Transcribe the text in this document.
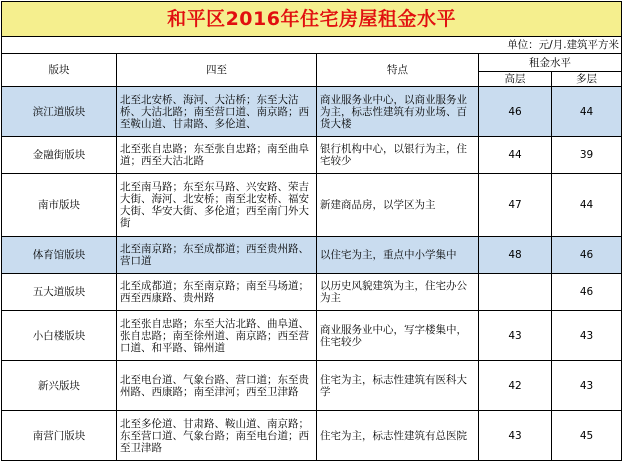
和平区2016年住宅房屋租金水平				
单位：元/月.建筑平方米				
版块	四至	特点	租金水平	
			高层	多层
滨江道版块	北至北安桥、海河、大沽桥；东至大沽桥、大沽北路；南至营口道、南京路；西至鞍山道、甘肃路、多伦道、	商业服务业中心，以商业服务业为主，标志性建筑有劝业场、百货大楼	46	44
金融街版块	北至张自忠路；东至张自忠路；南至曲阜道；西至大沽北路	银行机构中心，以银行为主，住宅较少	44	39
南市版块	北至南马路；东至东马路、兴安路、荣吉大街、海河、北安桥；南至北安桥、福安大街、华安大街、多伦道；西至南门外大街	新建商品房，以学区为主	47	44
体育馆版块	北至南京路；东至成都道；西至贵州路、营口道	以住宅为主，重点中小学集中	48	46
五大道版块	北至成都道；东至南京路；南至马场道；西至西康路、贵州路	以历史风貌建筑为主，住宅办公为主		46
小白楼版块	北至张自忠路；东至大沽北路、曲阜道、张自忠路；南至徐州道、南京路；西至营口道、和平路、锦州道	商业服务业中心，写字楼集中，住宅较少	43	43
新兴版块	北至电台道、气象台路、营口道；东至贵州路、西康路；南至津河；西至卫津路	住宅为主，标志性建筑有医科大学	42	43
南营门版块	北至多伦道、甘肃路、鞍山道、南京路；东至营口道、气象台路；南至电台道；西至卫津路	住宅为主，标志性建筑有总医院	43	45
